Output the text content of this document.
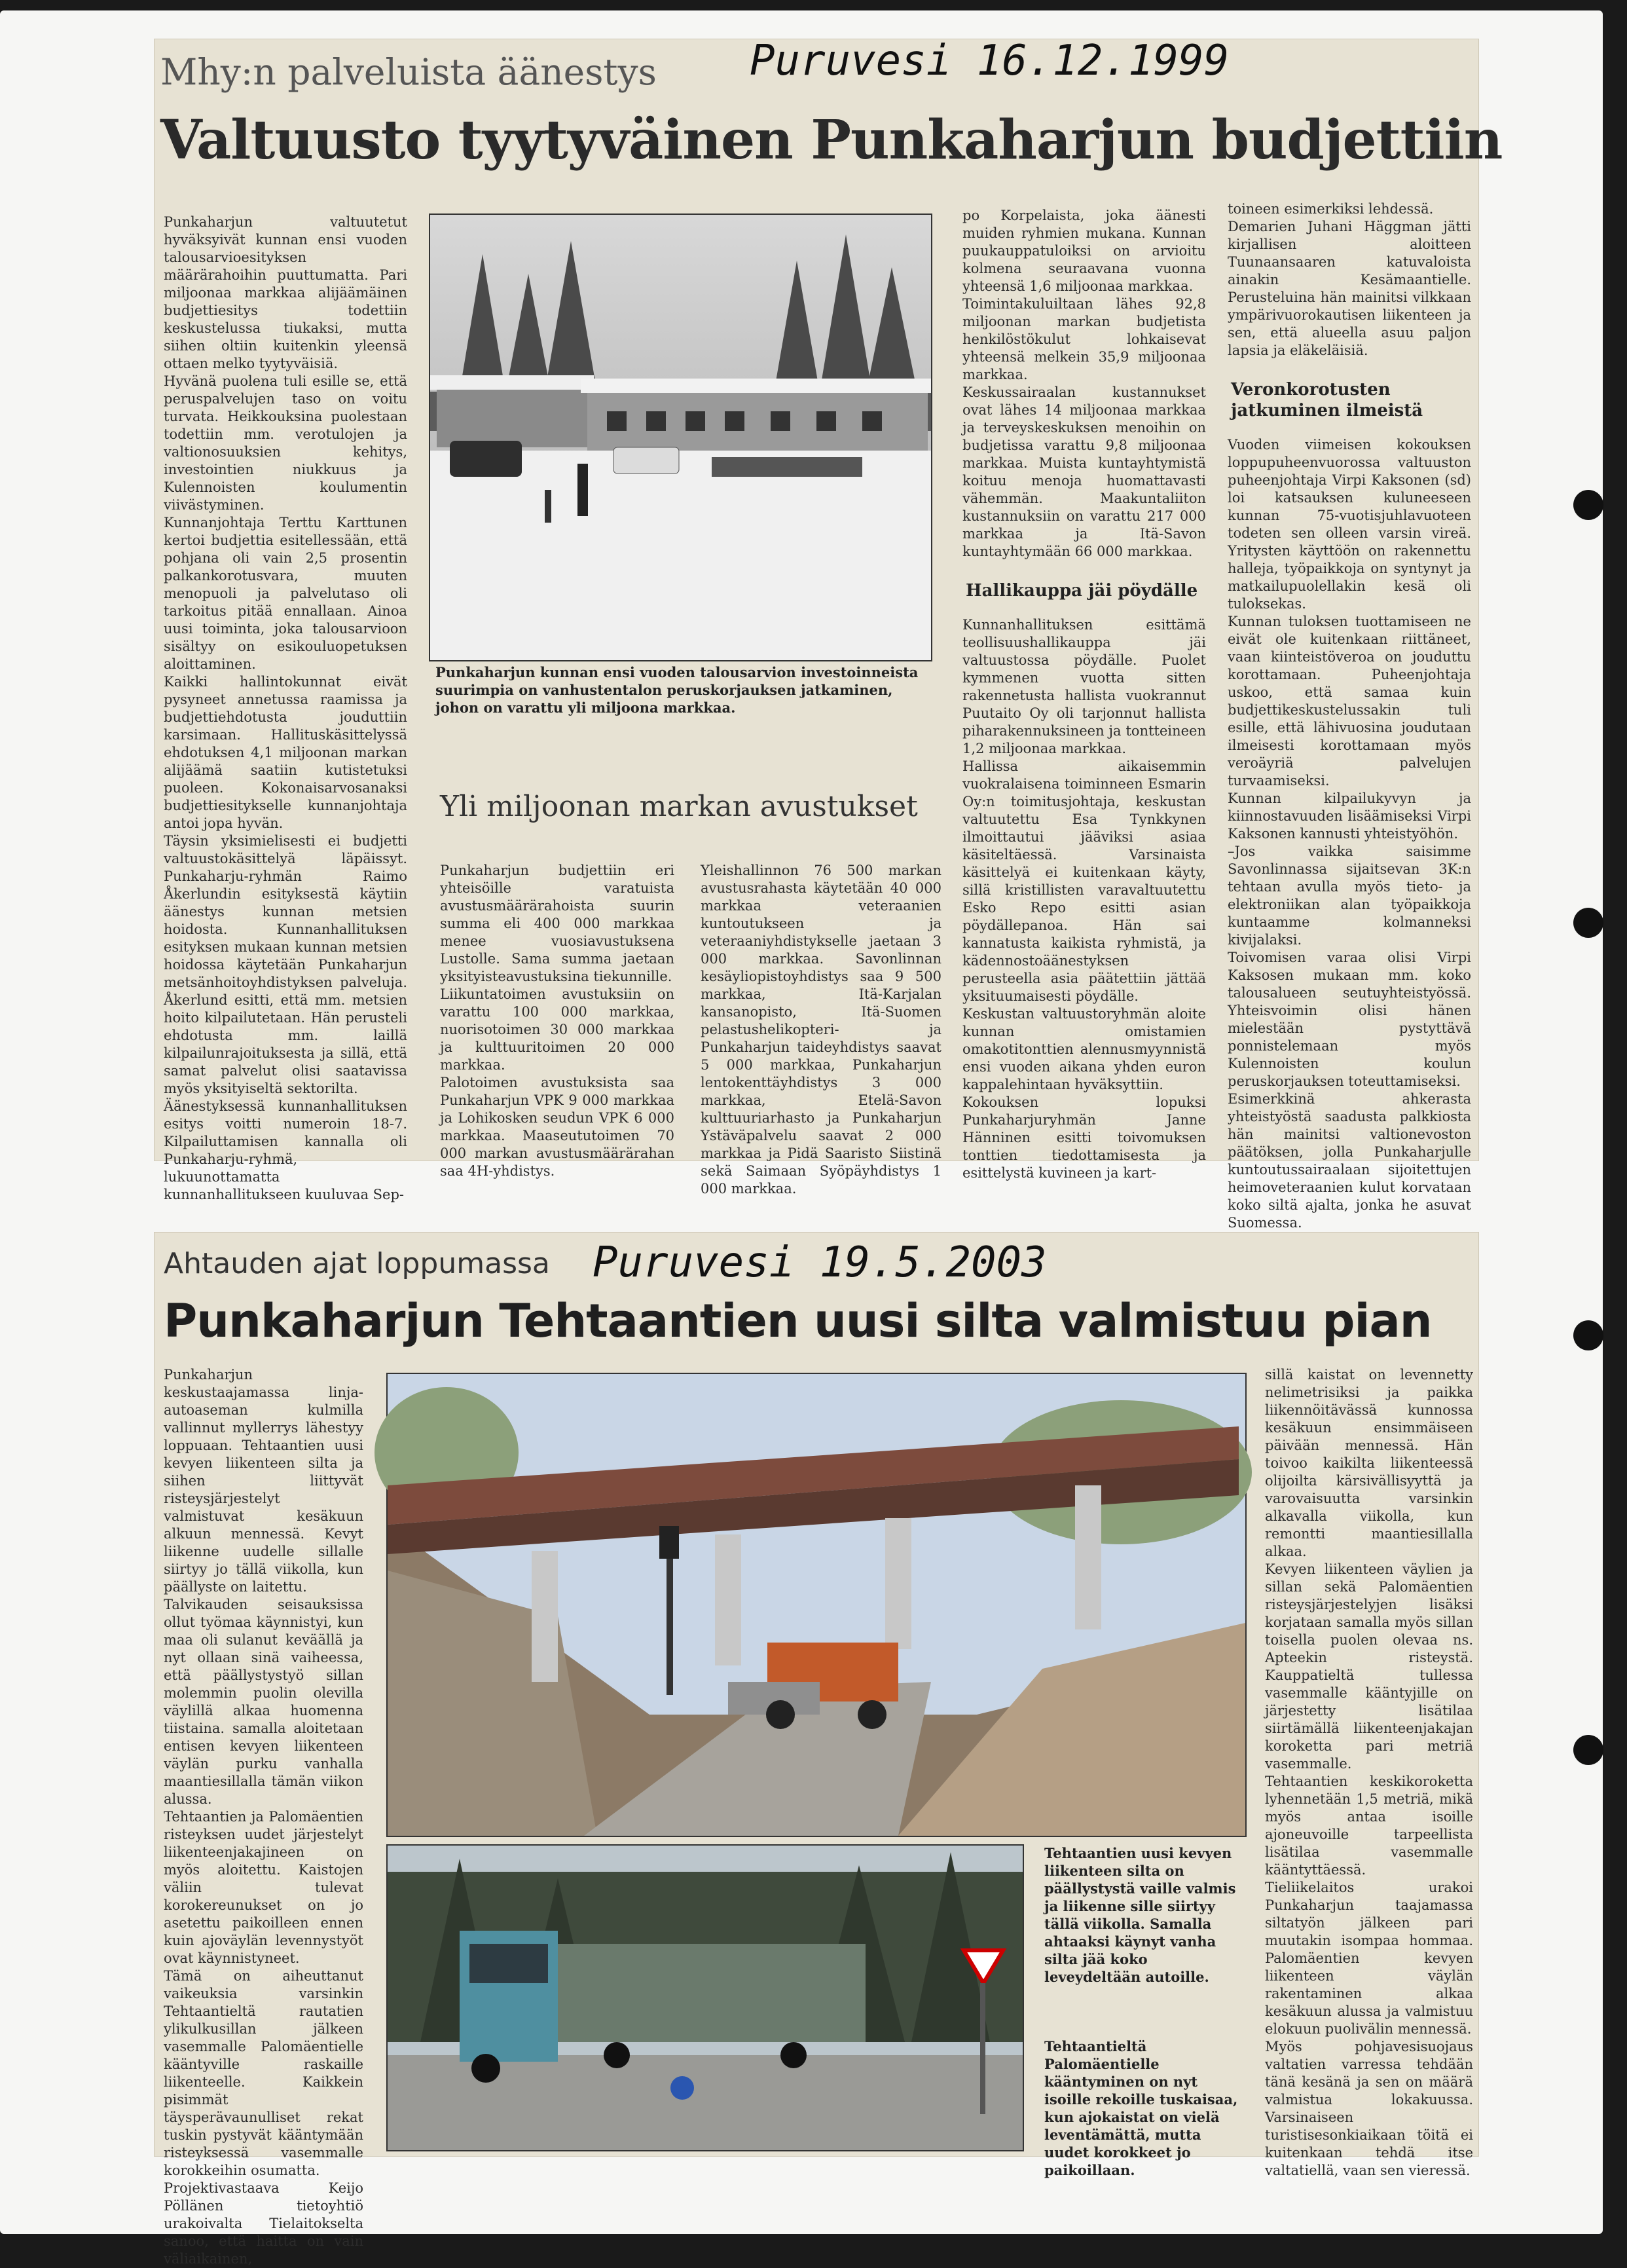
Mhy:n palveluista äänestys Puruvesi 16.12.1999
Valtuusto tyytyväinen Punkaharjun budjettiin
Punkaharjun valtuutetut hyväksyivät kunnan ensi vuoden talousarvioesityksen määrärahoihin puuttumatta. Pari miljoonaa markkaa alijäämäinen budjettiesitys todettiin keskustelussa tiukaksi, mutta siihen oltiin kuitenkin yleensä ottaen melko tyytyväisiä.
Hyvänä puolena tuli esille se, että peruspalvelujen taso on voitu turvata. Heikkouksina puolestaan todettiin mm. verotulojen ja valtionosuuksien kehitys, investointien niukkuus ja Kulennoisten koulumentin viivästyminen.
Kunnanjohtaja Terttu Karttunen kertoi budjettia esitellessään, että pohjana oli vain 2,5 prosentin palkankorotusvara, muuten menopuoli ja palvelutaso oli tarkoitus pitää ennallaan. Ainoa uusi toiminta, joka talousarvioon sisältyy on esikouluopetuksen aloittaminen.
Kaikki hallintokunnat eivät pysyneet annetussa raamissa ja budjettiehdotusta jouduttiin karsimaan. Hallituskäsittelyssä ehdotuksen 4,1 miljoonan markan alijäämä saatiin kutistetuksi puoleen. Kokonaisarvosanaksi budjettiesitykselle kunnanjohtaja antoi jopa hyvän.
Täysin yksimielisesti ei budjetti valtuustokäsittelyä läpäissyt. Punkaharju-ryhmän Raimo Åkerlundin esityksestä käytiin äänestys kunnan metsien hoidosta. Kunnanhallituksen esityksen mukaan kunnan metsien hoidossa käytetään Punkaharjun metsänhoitoyhdistyksen palveluja. Åkerlund esitti, että mm. metsien hoito kilpailutetaan. Hän perusteli ehdotusta mm. laillä kilpailunrajoituksesta ja sillä, että samat palvelut olisi saatavissa myös yksityiseltä sektorilta.
Äänestyksessä kunnanhallituksen esitys voitti numeroin 18-7. Kilpailuttamisen kannalla oli Punkaharju-ryhmä, lukuunottamatta kunnanhallitukseen kuuluvaa Sep-
Punkaharjun kunnan ensi vuoden talousarvion investoinneista suurimpia on vanhustentalon peruskorjauksen jatkaminen, johon on varattu yli miljoona markkaa.
Yli miljoonan markan avustukset
Punkaharjun budjettiin eri yhteisöille varatuista avustusmäärärahoista suurin summa eli 400 000 markkaa menee vuosiavustuksena Lustolle. Sama summa jaetaan yksityisteavustuksina tiekunnille.
Liikuntatoimen avustuksiin on varattu 100 000 markkaa, nuorisotoimen 30 000 markkaa ja kulttuuritoimen 20 000 markkaa.
Palotoimen avustuksista saa Punkaharjun VPK 9 000 markkaa ja Lohikosken seudun VPK 6 000 markkaa. Maaseututoimen 70 000 markan avustusmäärärahan saa 4H-yhdistys.
Yleishallinnon 76 500 markan avustusrahasta käytetään 40 000 markkaa veteraanien kuntoutukseen ja veteraaniyhdistykselle jaetaan 3 000 markkaa. Savonlinnan kesäyliopistoyhdistys saa 9 500 markkaa, Itä-Karjalan kansanopisto, Itä-Suomen pelastushelikopteri- ja Punkaharjun taideyhdistys saavat 5 000 markkaa, Punkaharjun lentokenttäyhdistys 3 000 markkaa, Etelä-Savon kulttuuriarhasto ja Punkaharjun Ystäväpalvelu saavat 2 000 markkaa ja Pidä Saaristo Siistinä sekä Saimaan Syöpäyhdistys 1 000 markkaa.
po Korpelaista, joka äänesti muiden ryhmien mukana. Kunnan puukauppatuloiksi on arvioitu kolmena seuraavana vuonna yhteensä 1,6 miljoonaa markkaa.
Toimintakuluiltaan lähes 92,8 miljoonan markan budjetista henkilöstökulut lohkaisevat yhteensä melkein 35,9 miljoonaa markkaa.
Keskussairaalan kustannukset ovat lähes 14 miljoonaa markkaa ja terveyskeskuksen menoihin on budjetissa varattu 9,8 miljoonaa markkaa. Muista kuntayhtymistä koituu menoja huomattavasti vähemmän. Maakuntaliiton kustannuksiin on varattu 217 000 markkaa ja Itä-Savon kuntayhtymään 66 000 markkaa.
Hallikauppa jäi pöydälle
Kunnanhallituksen esittämä teollisuushallikauppa jäi valtuustossa pöydälle. Puolet kymmenen vuotta sitten rakennetusta hallista vuokrannut Puutaito Oy oli tarjonnut hallista piharakennuksineen ja tontteineen 1,2 miljoonaa markkaa.
Hallissa aikaisemmin vuokralaisena toiminneen Esmarin Oy:n toimitusjohtaja, keskustan valtuutettu Esa Tynkkynen ilmoittautui jääviksi asiaa käsiteltäessä. Varsinaista käsittelyä ei kuitenkaan käyty, sillä kristillisten varavaltuutettu Esko Repo esitti asian pöydällepanoa. Hän sai kannatusta kaikista ryhmistä, ja kädennostoäänestyksen perusteella asia päätettiin jättää yksituumaisesti pöydälle.
Keskustan valtuustoryhmän aloite kunnan omistamien omakotitonttien alennusmyynnistä ensi vuoden aikana yhden euron kappalehintaan hyväksyttiin.
Kokouksen lopuksi Punkaharjuryhmän Janne Hänninen esitti toivomuksen tonttien tiedottamisesta ja esittelystä kuvineen ja kart-
toineen esimerkiksi lehdessä.
Demarien Juhani Häggman jätti kirjallisen aloitteen Tuunaansaaren katuvaloista ainakin Kesämaantielle. Perusteluina hän mainitsi vilkkaan ympärivuorokautisen liikenteen ja sen, että alueella asuu paljon lapsia ja eläkeläisiä.
Veronkorotusten jatkuminen ilmeistä
Vuoden viimeisen kokouksen loppupuheenvuorossa valtuuston puheenjohtaja Virpi Kaksonen (sd) loi katsauksen kuluneeseen kunnan 75-vuotisjuhlavuoteen todeten sen olleen varsin vireä. Yritysten käyttöön on rakennettu halleja, työpaikkoja on syntynyt ja matkailupuolellakin kesä oli tuloksekas.
Kunnan tuloksen tuottamiseen ne eivät ole kuitenkaan riittäneet, vaan kiinteistöveroa on jouduttu korottamaan. Puheenjohtaja uskoo, että samaa kuin budjettikeskustelussakin tuli esille, että lähivuosina joudutaan ilmeisesti korottamaan myös veroäyriä palvelujen turvaamiseksi.
Kunnan kilpailukyvyn ja kiinnostavuuden lisäämiseksi Virpi Kaksonen kannusti yhteistyöhön.
–Jos vaikka saisimme Savonlinnassa sijaitsevan 3K:n tehtaan avulla myös tieto- ja elektroniikan alan työpaikkoja kuntaamme kolmanneksi kivijalaksi.
Toivomisen varaa olisi Virpi Kaksosen mukaan mm. koko talousalueen seutuyhteistyössä. Yhteisvoimin olisi hänen mielestään pystyttävä ponnistelemaan myös Kulennoisten koulun peruskorjauksen toteuttamiseksi.
Esimerkkinä ahkerasta yhteistyöstä saadusta palkkiosta hän mainitsi valtionevoston päätöksen, jolla Punkaharjulle kuntoutussairaalaan sijoitettujen heimoveteraanien kulut korvataan koko siltä ajalta, jonka he asuvat Suomessa.
Ahtauden ajat loppumassa Puruvesi 19.5.2003
Punkaharjun Tehtaantien uusi silta valmistuu pian
Punkaharjun keskustaajamassa linja-autoaseman kulmilla vallinnut myllerrys lähestyy loppuaan. Tehtaantien uusi kevyen liikenteen silta ja siihen liittyvät risteysjärjestelyt valmistuvat kesäkuun alkuun mennessä. Kevyt liikenne uudelle sillalle siirtyy jo tällä viikolla, kun päällyste on laitettu.
Talvikauden seisauksissa ollut työmaa käynnistyi, kun maa oli sulanut keväällä ja nyt ollaan sinä vaiheessa, että päällystystyö sillan molemmin puolin olevilla väylillä alkaa huomenna tiistaina. samalla aloitetaan entisen kevyen liikenteen väylän purku vanhalla maantiesillalla tämän viikon alussa.
Tehtaantien ja Palomäentien risteyksen uudet järjestelyt liikenteenjakajineen on myös aloitettu. Kaistojen väliin tulevat korokereunukset on jo asetettu paikoilleen ennen kuin ajoväylän levennystyöt ovat käynnistyneet.
Tämä on aiheuttanut vaikeuksia varsinkin Tehtaantieltä rautatien ylikulkusillan jälkeen vasemmalle Palomäentielle kääntyville raskaille liikenteelle. Kaikkein pisimmät täysperävaunulliset rekat tuskin pystyvät kääntymään risteyksessä vasemmalle korokkeihin osumatta.
Projektivastaava Keijo Pöllänen tietoyhtiö urakoivalta Tielaitokselta sanoo, että haitta on vain väliaikainen,
Tehtaantien uusi kevyen liikenteen silta on päällystystä vaille valmis ja liikenne sille siirtyy tällä viikolla. Samalla ahtaaksi käynyt vanha silta jää koko leveydeltään autoille.
Tehtaantieltä Palomäentielle kääntyminen on nyt isoille rekoille tuskaisaa, kun ajokaistat on vielä leventämättä, mutta uudet korokkeet jo paikoillaan.
sillä kaistat on levennetty nelimetrisiksi ja paikka liikennöitävässä kunnossa kesäkuun ensimmäiseen päivään mennessä. Hän toivoo kaikilta liikenteessä olijoilta kärsivällisyyttä ja varovaisuutta varsinkin alkavalla viikolla, kun remontti maantiesillalla alkaa.
Kevyen liikenteen väylien ja sillan sekä Palomäentien risteysjärjestelyjen lisäksi korjataan samalla myös sillan toisella puolen olevaa ns. Apteekin risteystä. Kauppatieltä tullessa vasemmalle kääntyjille on järjestetty lisätilaa siirtämällä liikenteenjakajan koroketta pari metriä vasemmalle.
Tehtaantien keskikoroketta lyhennetään 1,5 metriä, mikä myös antaa isoille ajoneuvoille tarpeellista lisätilaa vasemmalle kääntyttäessä.
Tieliikelaitos urakoi Punkaharjun taajamassa siltatyön jälkeen pari muutakin isompaa hommaa. Palomäentien kevyen liikenteen väylän rakentaminen alkaa kesäkuun alussa ja valmistuu elokuun puolivälin mennessä.
Myös pohjavesisuojaus valtatien varressa tehdään tänä kesänä ja sen on määrä valmistua lokakuussa. Varsinaiseen turistisesonkiaikaan töitä ei kuitenkaan tehdä itse valtatiellä, vaan sen vieressä.
